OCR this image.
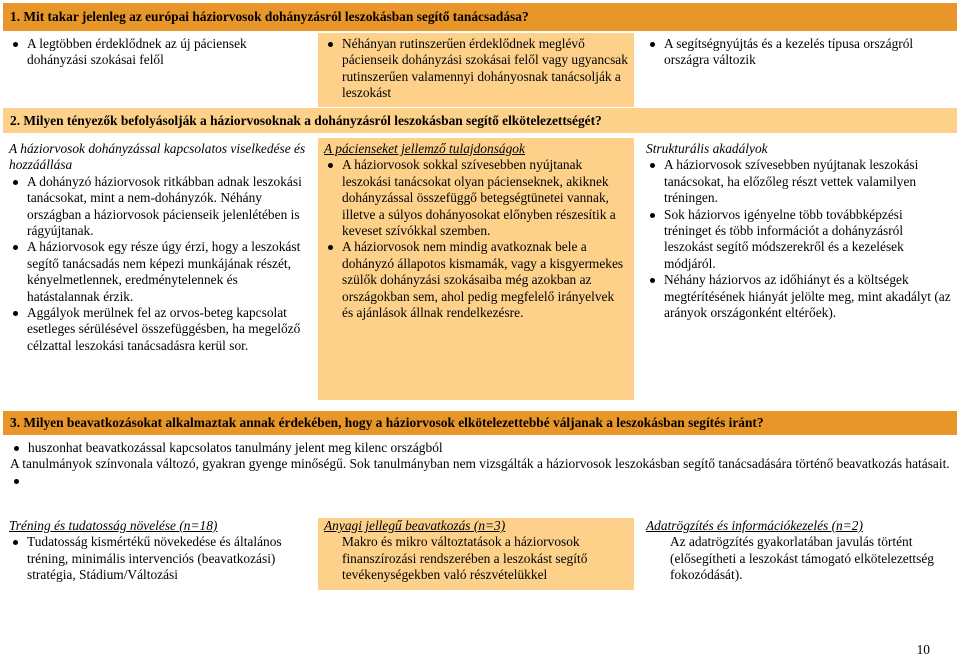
1. Mit takar jelenleg az európai háziorvosok dohányzásról leszokásban segítő tanácsadása?
A legtöbben érdeklődnek az új páciensek dohányzási szokásai felől
Néhányan rutinszerűen érdeklődnek meglévő pácienseik dohányzási szokásai felől vagy ugyancsak rutinszerűen valamennyi dohányosnak tanácsolják a leszokást
A segítségnyújtás és a kezelés típusa országról országra változik
2. Milyen tényezők befolyásolják a háziorvosoknak a dohányzásról leszokásban segítő elkötelezettségét?
A háziorvosok dohányzással kapcsolatos viselkedése és hozzáállása
A dohányzó háziorvosok ritkábban adnak leszokási tanácsokat, mint a nem-dohányzók. Néhány országban a háziorvosok pácienseik jelenlétében is rágyújtanak.
A háziorvosok egy része úgy érzi, hogy a leszokást segítő tanácsadás nem képezi munkájának részét, kényelmetlennek, eredménytelennek és hatástalannak érzik.
Aggályok merülnek fel az orvos-beteg kapcsolat esetleges sérülésével összefüggésben, ha megelőző célzattal leszokási tanácsadásra kerül sor.
A pácienseket jellemző tulajdonságok
A háziorvosok sokkal szívesebben nyújtanak leszokási tanácsokat olyan pácienseknek, akiknek dohányzással összefüggő betegségtünetei vannak, illetve a súlyos dohányosokat előnyben részesítik a keveset szívókkal szemben.
A háziorvosok nem mindig avatkoznak bele a dohányzó állapotos kismamák, vagy a kisgyermekes szülők dohányzási szokásaiba még azokban az országokban sem, ahol pedig megfelelő irányelvek és ajánlások állnak rendelkezésre.
Strukturális akadályok
A háziorvosok szívesebben nyújtanak leszokási tanácsokat, ha előzőleg részt vettek valamilyen tréningen.
Sok háziorvos igényelne több továbbképzési tréninget és több információt a dohányzásról leszokást segítő módszerekről és a kezelések módjáról.
Néhány háziorvos az időhiányt és a költségek megtérítésének hiányát jelölte meg, mint akadályt (az arányok országonként eltérőek).
3. Milyen beavatkozásokat alkalmaztak annak érdekében, hogy a háziorvosok elkötelezettebbé váljanak a leszokásban segítés iránt?
huszonhat beavatkozással kapcsolatos tanulmány jelent meg kilenc országból
A tanulmányok színvonala változó, gyakran gyenge minőségű. Sok tanulmányban nem vizsgálták a háziorvosok leszokásban segítő tanácsadására történő beavatkozás hatásait.
Tréning és tudatosság növelése (n=18)
Tudatosság kismértékű növekedése és általános tréning, minimális intervenciós (beavatkozási) stratégia, Stádium/Változási
Anyagi jellegű beavatkozás (n=3)
Makro és mikro változtatások a háziorvosok finanszírozási rendszerében a leszokást segítő tevékenységekben való részvételükkel
Adatrögzítés és információkezelés (n=2)
Az adatrögzítés gyakorlatában javulás történt (elősegítheti a leszokást támogató elkötelezettség fokozódását).
10
